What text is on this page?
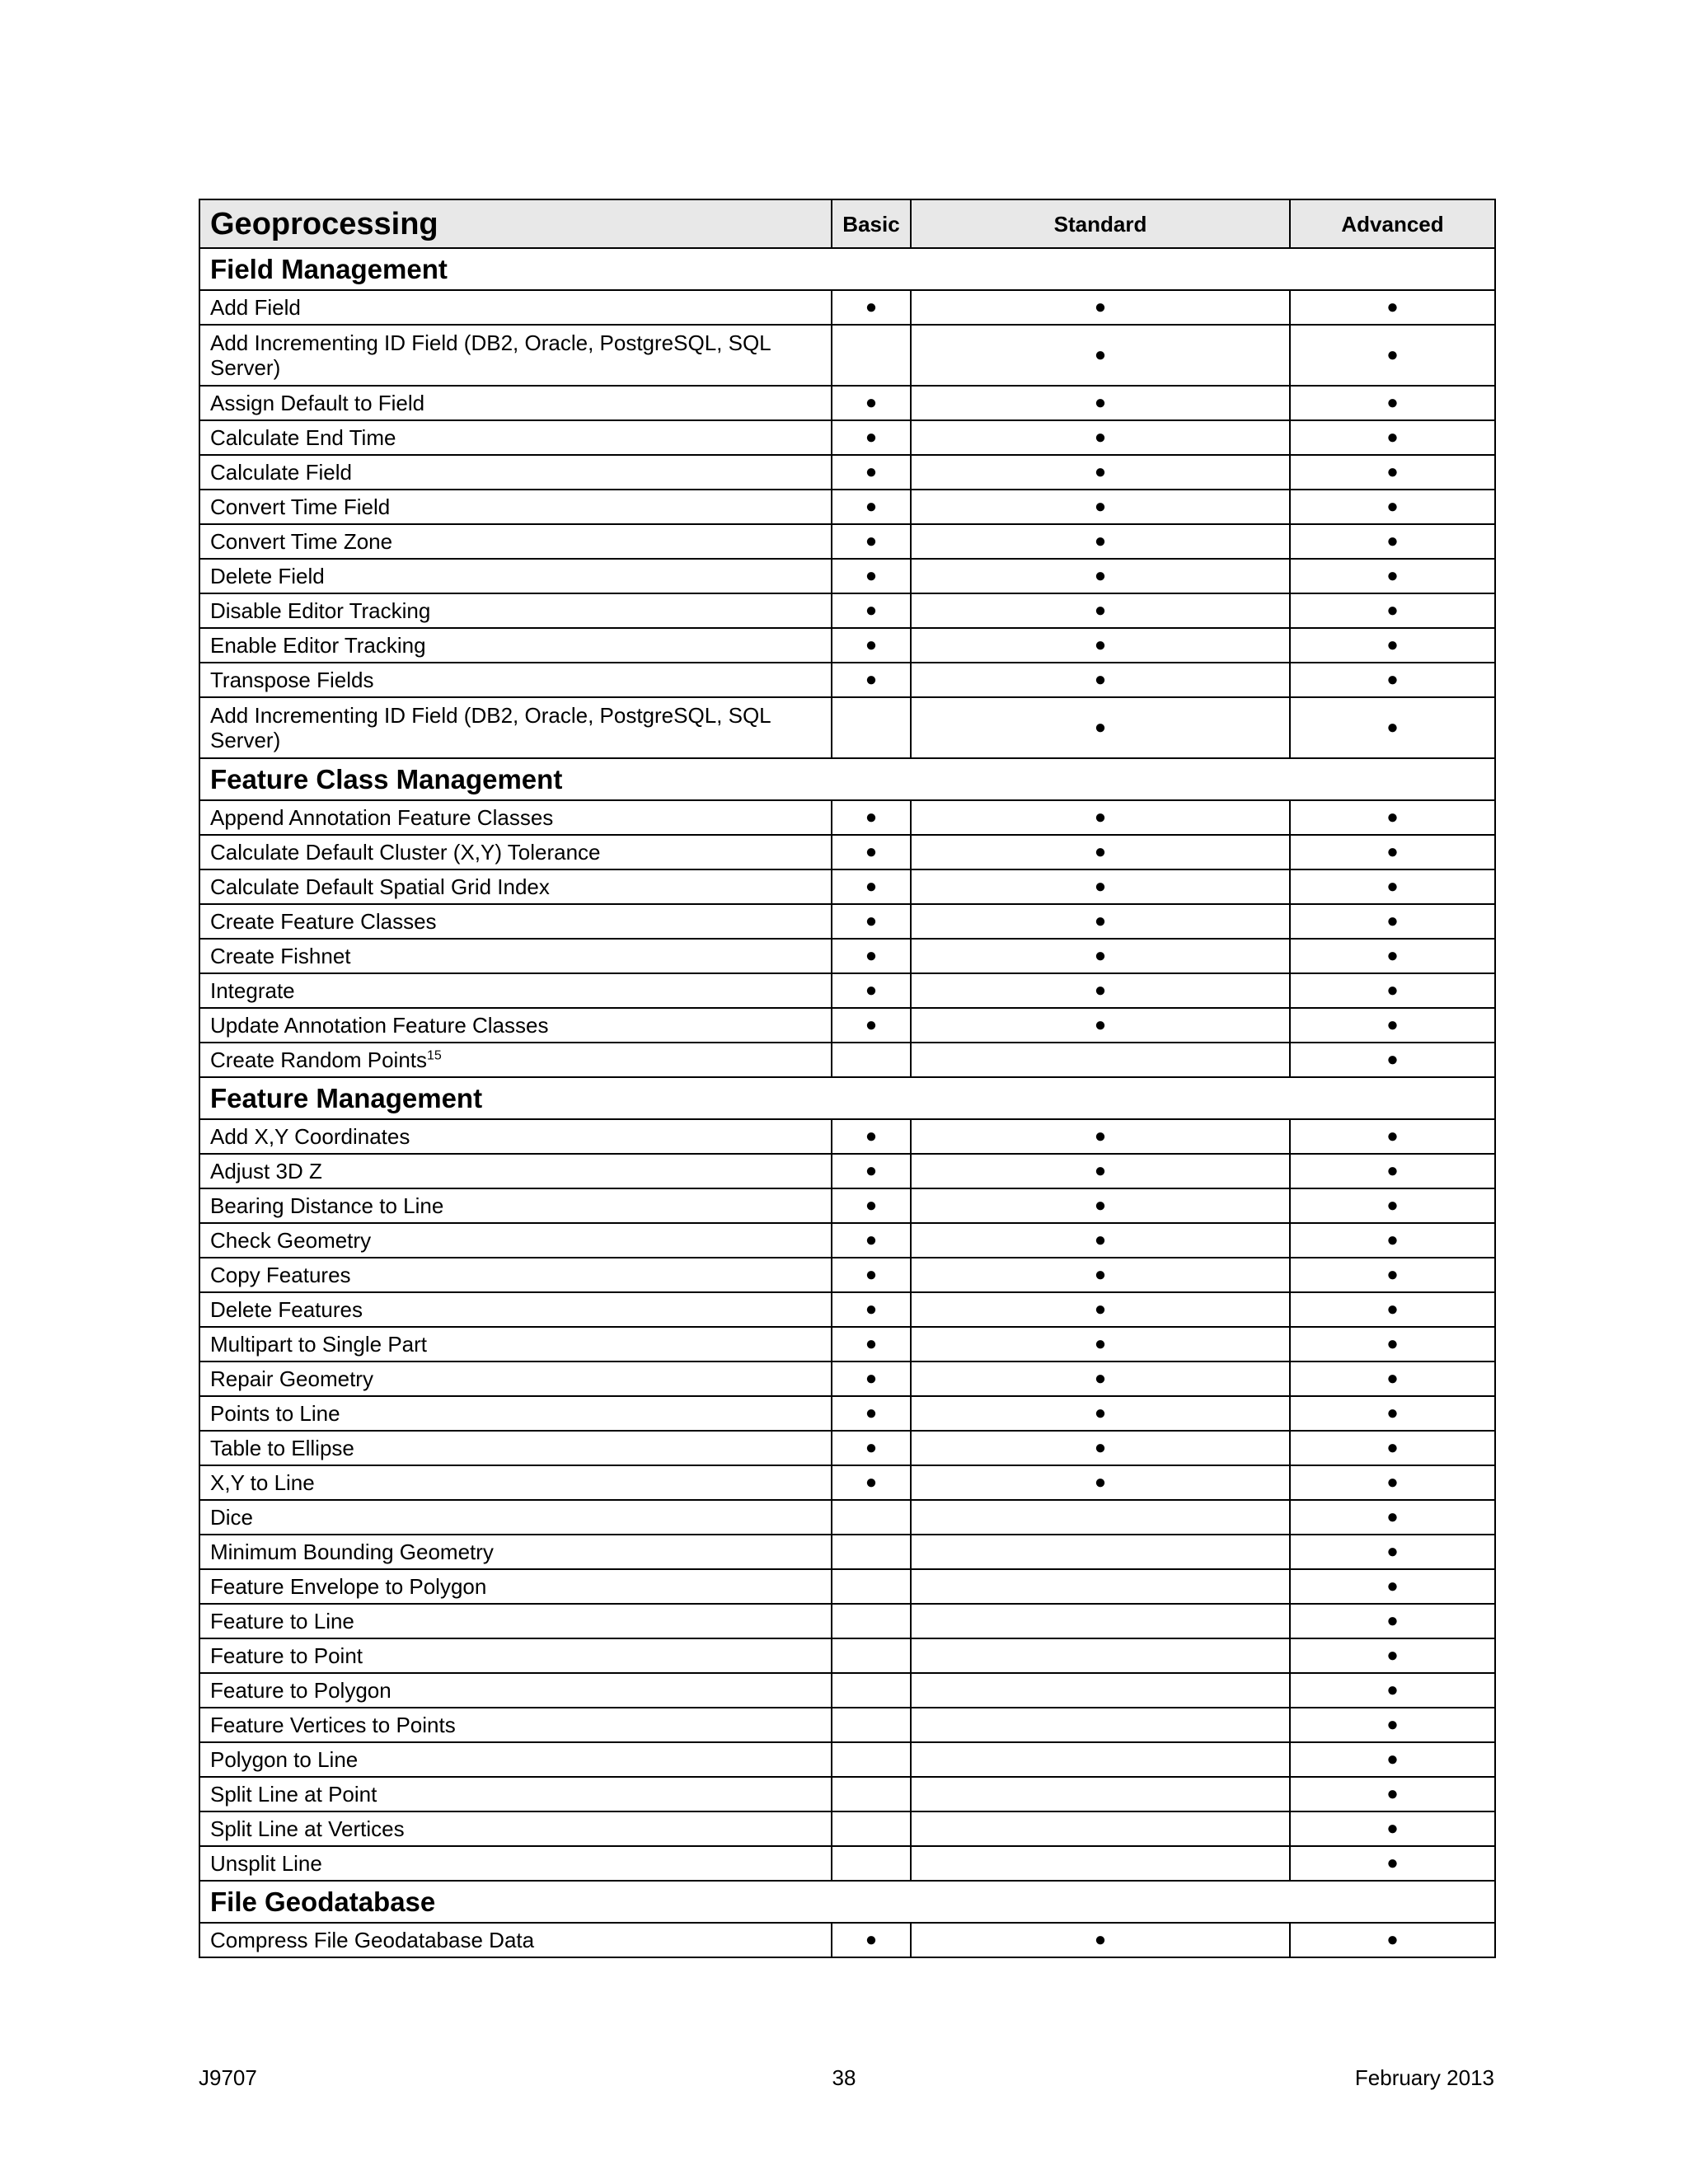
Geoprocessing	Basic	Standard	Advanced
Field Management			
Add Field	●	●	●
Add Incrementing ID Field (DB2, Oracle, PostgreSQL, SQL Server)		●	●
Assign Default to Field	●	●	●
Calculate End Time	●	●	●
Calculate Field	●	●	●
Convert Time Field	●	●	●
Convert Time Zone	●	●	●
Delete Field	●	●	●
Disable Editor Tracking	●	●	●
Enable Editor Tracking	●	●	●
Transpose Fields	●	●	●
Add Incrementing ID Field (DB2, Oracle, PostgreSQL, SQL Server)		●	●
Feature Class Management			
Append Annotation Feature Classes	●	●	●
Calculate Default Cluster (X,Y) Tolerance	●	●	●
Calculate Default Spatial Grid Index	●	●	●
Create Feature Classes	●	●	●
Create Fishnet	●	●	●
Integrate	●	●	●
Update Annotation Feature Classes	●	●	●
Create Random Points$^{15}$			●
Feature Management			
Add X,Y Coordinates	●	●	●
Adjust 3D Z	●	●	●
Bearing Distance to Line	●	●	●
Check Geometry	●	●	●
Copy Features	●	●	●
Delete Features	●	●	●
Multipart to Single Part	●	●	●
Repair Geometry	●	●	●
Points to Line	●	●	●
Table to Ellipse	●	●	●
X,Y to Line	●	●	●
Dice			●
Minimum Bounding Geometry			●
Feature Envelope to Polygon			●
Feature to Line			●
Feature to Point			●
Feature to Polygon			●
Feature Vertices to Points			●
Polygon to Line			●
Split Line at Point			●
Split Line at Vertices			●
Unsplit Line			●
File Geodatabase			
Compress File Geodatabase Data	●	●	●
J9707	38	February 2013
